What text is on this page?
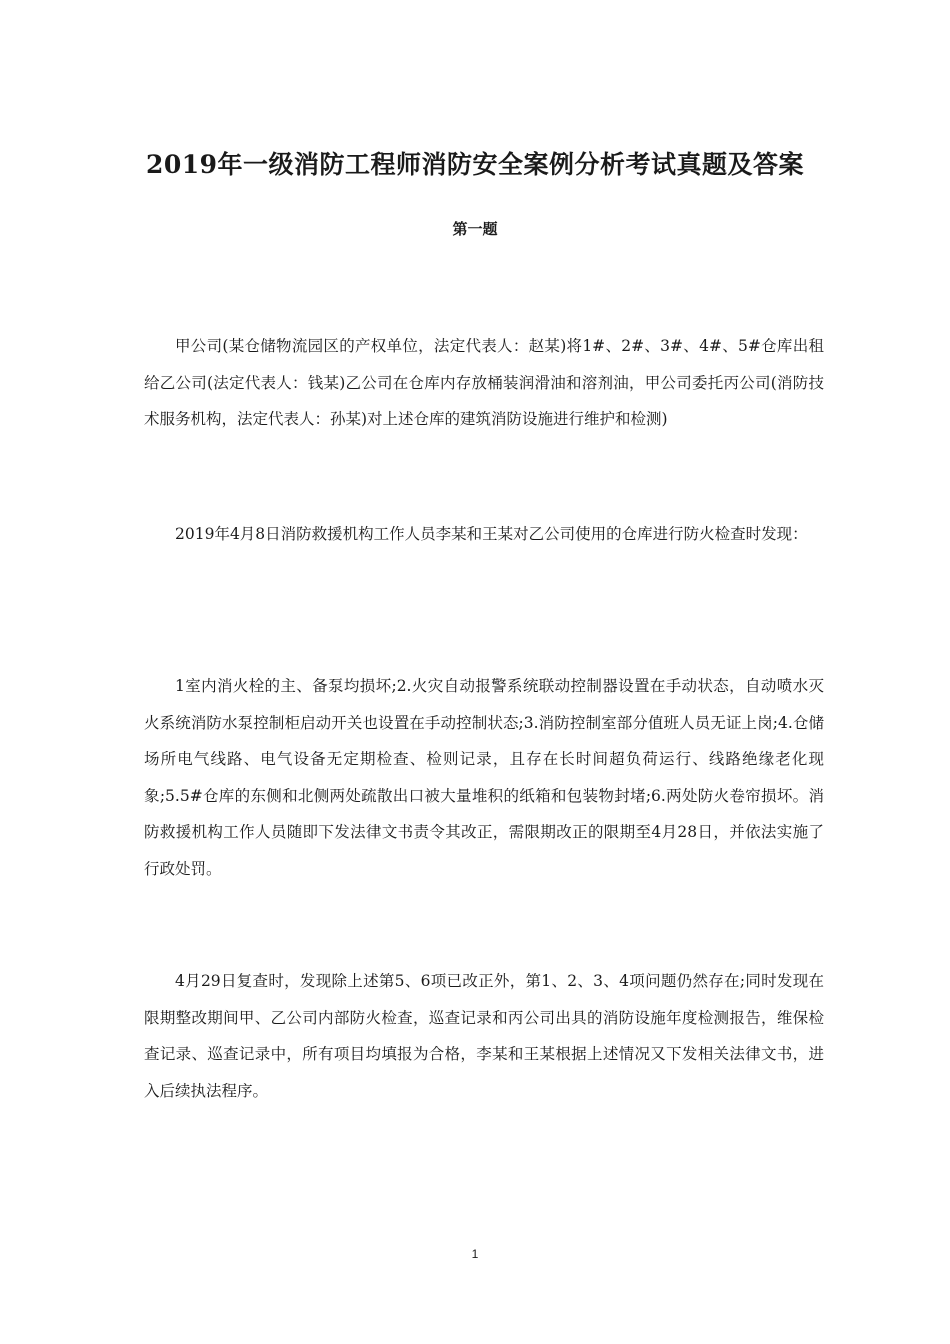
2019年一级消防工程师消防安全案例分析考试真题及答案
第一题

甲公司(某仓储物流园区的产权单位，法定代表人：赵某)将1#、2#、3#、4#、5#仓库出租给乙公司(法定代表人：钱某)乙公司在仓库内存放桶装润滑油和溶剂油，甲公司委托丙公司(消防技术服务机构，法定代表人：孙某)对上述仓库的建筑消防设施进行维护和检测)

2019年4月8日消防救援机构工作人员李某和王某对乙公司使用的仓库进行防火检查时发现：

1室内消火栓的主、备泵均损坏;2.火灾自动报警系统联动控制器设置在手动状态，自动喷水灭火系统消防水泵控制柜启动开关也设置在手动控制状态;3.消防控制室部分值班人员无证上岗;4.仓储场所电气线路、电气设备无定期检查、检则记录，且存在长时间超负荷运行、线路绝缘老化现象;5.5#仓库的东侧和北侧两处疏散出口被大量堆积的纸箱和包装物封堵;6.两处防火卷帘损坏。消防救援机构工作人员随即下发法律文书责令其改正，需限期改正的限期至4月28日，并依法实施了行政处罚。

4月29日复查时，发现除上述第5、6项已改正外，第1、2、3、4项问题仍然存在;同时发现在限期整改期间甲、乙公司内部防火检查，巡查记录和丙公司出具的消防设施年度检测报告，维保检查记录、巡查记录中，所有项目均填报为合格，李某和王某根据上述情况又下发相关法律文书，进入后续执法程序。

1
